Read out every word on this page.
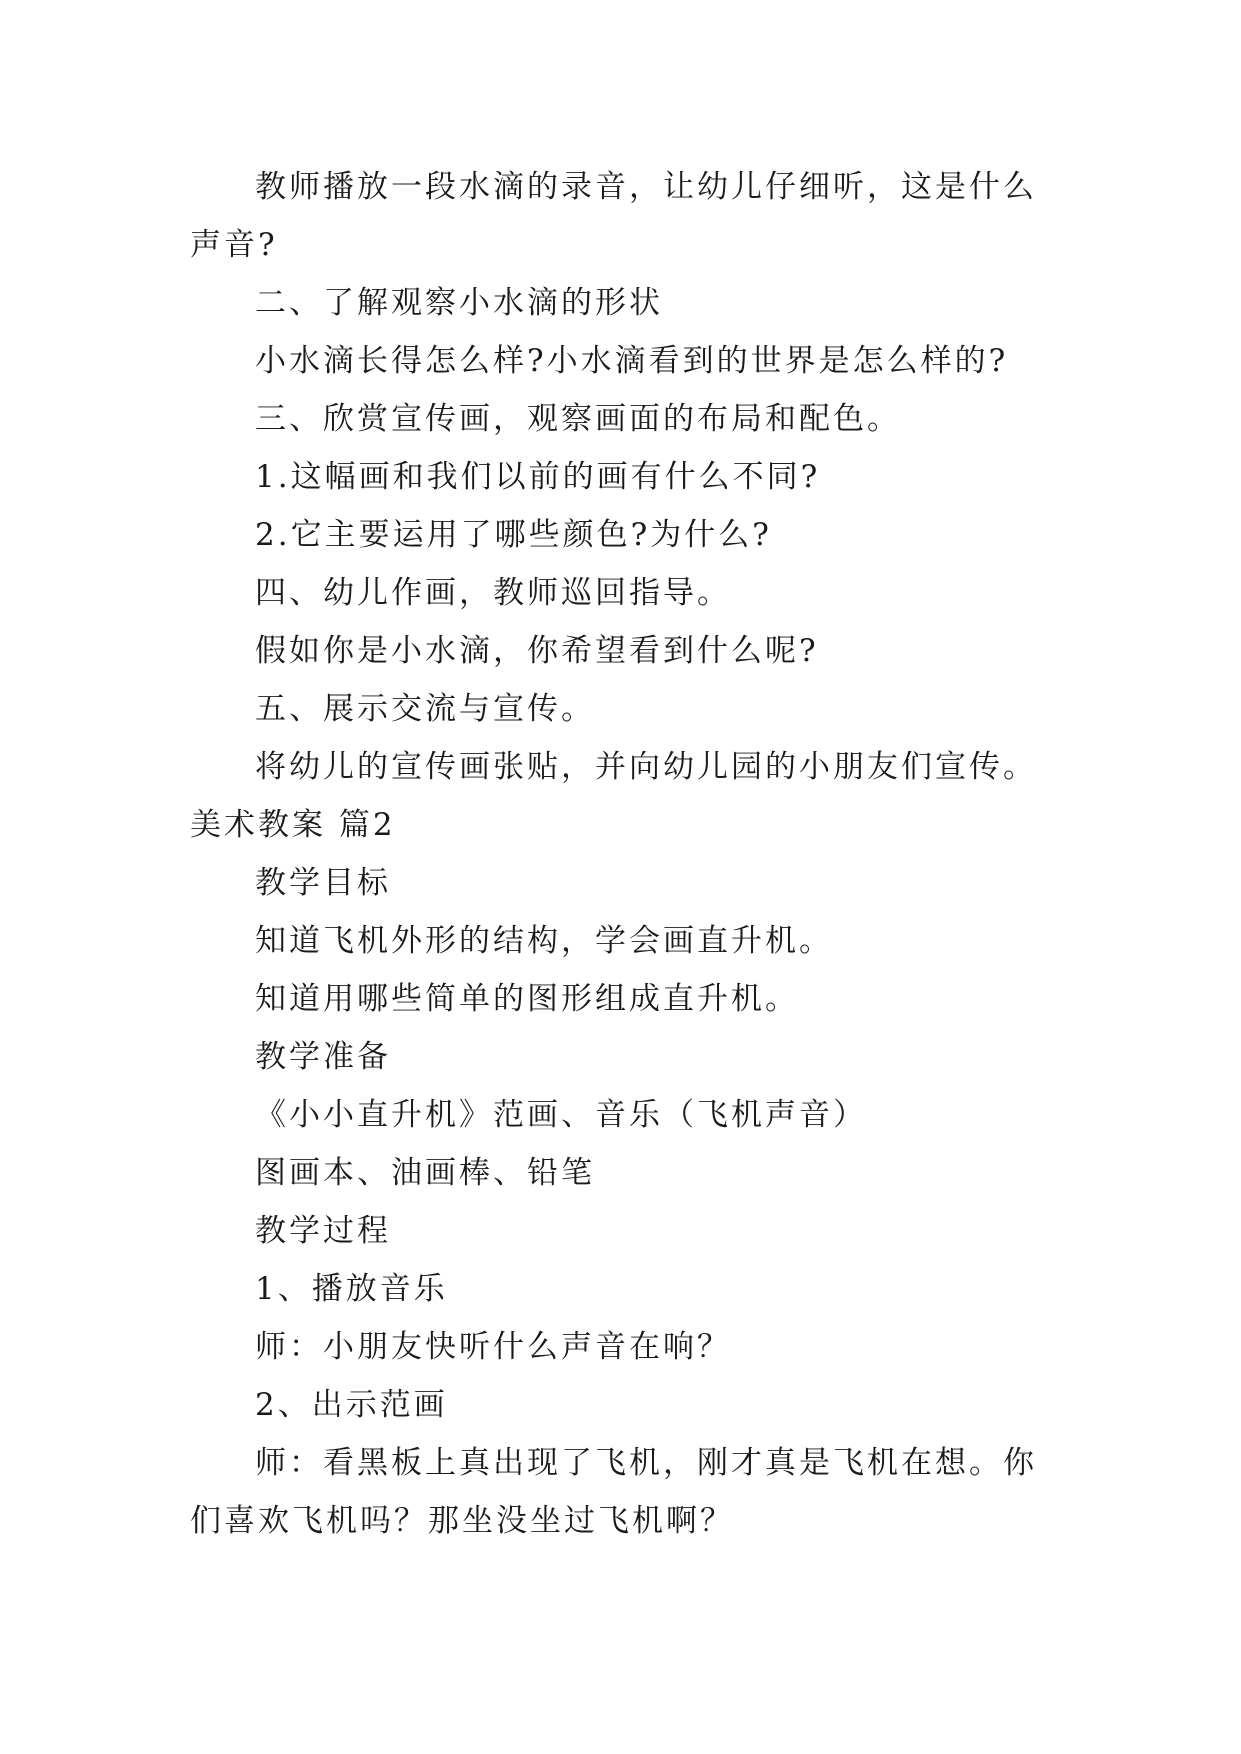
教师播放一段水滴的录音，让幼儿仔细听，这是什么声音?

二、了解观察小水滴的形状

小水滴长得怎么样?小水滴看到的世界是怎么样的?

三、欣赏宣传画，观察画面的布局和配色。

1.这幅画和我们以前的画有什么不同?

2.它主要运用了哪些颜色?为什么?

四、幼儿作画，教师巡回指导。

假如你是小水滴，你希望看到什么呢?

五、展示交流与宣传。

将幼儿的宣传画张贴，并向幼儿园的小朋友们宣传。

美术教案 篇2

教学目标

知道飞机外形的结构，学会画直升机。

知道用哪些简单的图形组成直升机。

教学准备

《小小直升机》范画、音乐（飞机声音）

图画本、油画棒、铅笔

教学过程

1、播放音乐

师：小朋友快听什么声音在响？

2、出示范画

师：看黑板上真出现了飞机，刚才真是飞机在想。你们喜欢飞机吗？那坐没坐过飞机啊？
